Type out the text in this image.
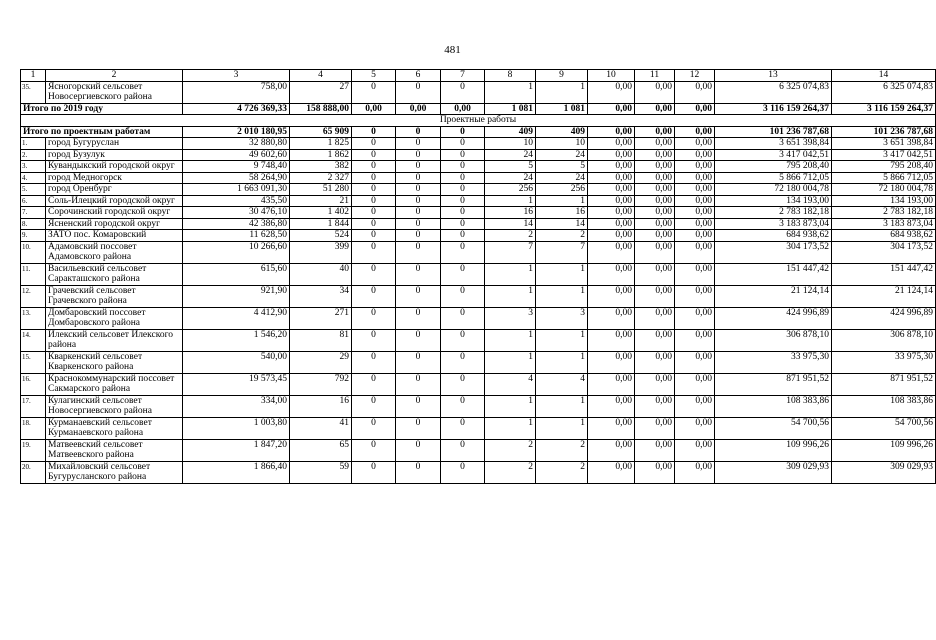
481
1	2	3	4	5	6	7	8	9	10	11	12	13	14
35.	Ясногорский сельсовет Новосергиевского района	758,00	27	0	0	0	1	1	0,00	0,00	0,00	6 325 074,83	6 325 074,83
Итого по 2019 году		4 726 369,33	158 888,00	0,00	0,00	0,00	1 081	1 081	0,00	0,00	0,00	3 116 159 264,37	3 116 159 264,37
Проектные работы													
Итого по проектным работам		2 010 180,95	65 909	0	0	0	409	409	0,00	0,00	0,00	101 236 787,68	101 236 787,68
1.	город Бугуруслан	32 880,80	1 825	0	0	0	10	10	0,00	0,00	0,00	3 651 398,84	3 651 398,84
2.	город Бузулук	49 602,60	1 862	0	0	0	24	24	0,00	0,00	0,00	3 417 042,51	3 417 042,51
3.	Кувандыкский городской округ	9 748,40	382	0	0	0	5	5	0,00	0,00	0,00	795 208,40	795 208,40
4.	город Медногорск	58 264,90	2 327	0	0	0	24	24	0,00	0,00	0,00	5 866 712,05	5 866 712,05
5.	город Оренбург	1 663 091,30	51 280	0	0	0	256	256	0,00	0,00	0,00	72 180 004,78	72 180 004,78
6.	Соль-Илецкий городской округ	435,50	21	0	0	0	1	1	0,00	0,00	0,00	134 193,00	134 193,00
7.	Сорочинский городской округ	30 476,10	1 402	0	0	0	16	16	0,00	0,00	0,00	2 783 182,18	2 783 182,18
8.	Ясненский городской округ	42 386,80	1 844	0	0	0	14	14	0,00	0,00	0,00	3 183 873,04	3 183 873,04
9.	ЗАТО пос. Комаровский	11 628,50	524	0	0	0	2	2	0,00	0,00	0,00	684 938,62	684 938,62
10.	Адамовский поссовет Адамовского района	10 266,60	399	0	0	0	7	7	0,00	0,00	0,00	304 173,52	304 173,52
11.	Васильевский сельсовет Саракташского района	615,60	40	0	0	0	1	1	0,00	0,00	0,00	151 447,42	151 447,42
12.	Грачевский сельсовет Грачевского района	921,90	34	0	0	0	1	1	0,00	0,00	0,00	21 124,14	21 124,14
13.	Домбаровский поссовет Домбаровского района	4 412,90	271	0	0	0	3	3	0,00	0,00	0,00	424 996,89	424 996,89
14.	Илекский сельсовет Илекского района	1 546,20	81	0	0	0	1	1	0,00	0,00	0,00	306 878,10	306 878,10
15.	Кваркенский сельсовет Кваркенского района	540,00	29	0	0	0	1	1	0,00	0,00	0,00	33 975,30	33 975,30
16.	Краснокоммунарский поссовет Сакмарского района	19 573,45	792	0	0	0	4	4	0,00	0,00	0,00	871 951,52	871 951,52
17.	Кулагинский сельсовет Новосергиевского района	334,00	16	0	0	0	1	1	0,00	0,00	0,00	108 383,86	108 383,86
18.	Курманаевский сельсовет Курманаевского района	1 003,80	41	0	0	0	1	1	0,00	0,00	0,00	54 700,56	54 700,56
19.	Матвеевский сельсовет Матвеевского района	1 847,20	65	0	0	0	2	2	0,00	0,00	0,00	109 996,26	109 996,26
20.	Михайловский сельсовет Бугурусланского района	1 866,40	59	0	0	0	2	2	0,00	0,00	0,00	309 029,93	309 029,93
